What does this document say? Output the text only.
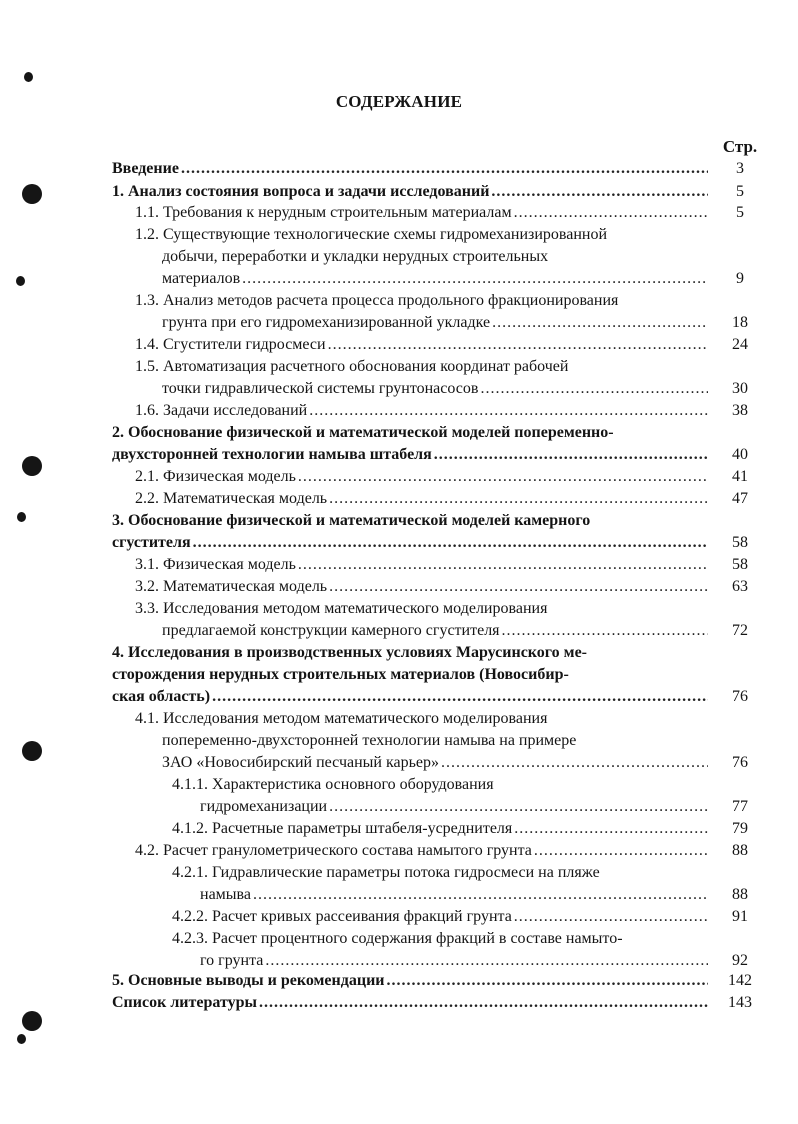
СОДЕРЖАНИЕ
Стр.
3
Введение
.....
5
1. Анализ состояния вопроса и задачи исследований
.....
5
1.1. Требования к нерудным строительным материалам
.....
1.2. Существующие технологические схемы гидромеханизированной
добычи, переработки и укладки нерудных строительных
9
материалов
.....
1.3. Анализ методов расчета процесса продольного фракционирования
18
грунта при его гидромеханизированной укладке
.....
24
1.4. Сгустители гидросмеси
.....
1.5. Автоматизация расчетного обоснования координат рабочей
30
точки гидравлической системы грунтонасосов
.....
38
1.6. Задачи исследований
.....
2. Обоснование физической и математической моделей попеременно-
40
двухсторонней технологии намыва штабеля
.....
41
2.1. Физическая модель
.....
47
2.2. Математическая модель
.....
3. Обоснование физической и математической моделей камерного
58
сгустителя
.....
58
3.1. Физическая модель
.....
63
3.2. Математическая модель
.....
3.3. Исследования методом математического моделирования
72
предлагаемой конструкции камерного сгустителя
.....
4. Исследования в производственных условиях Марусинского ме-
сторождения нерудных строительных материалов (Новосибир-
76
ская область)
.....
4.1. Исследования методом математического моделирования
попеременно-двухсторонней технологии намыва на примере
76
ЗАО «Новосибирский песчаный карьер»
.....
4.1.1. Характеристика основного оборудования
77
гидромеханизации
.....
79
4.1.2. Расчетные параметры штабеля-усреднителя
.....
88
4.2. Расчет гранулометрического состава намытого грунта
.....
4.2.1. Гидравлические параметры потока гидросмеси на пляже
88
намыва
.....
91
4.2.2. Расчет кривых рассеивания фракций грунта
.....
4.2.3. Расчет процентного содержания фракций в составе намыто-
92
го грунта
.....
142
5. Основные выводы и рекомендации
.....
143
Список литературы
.....
